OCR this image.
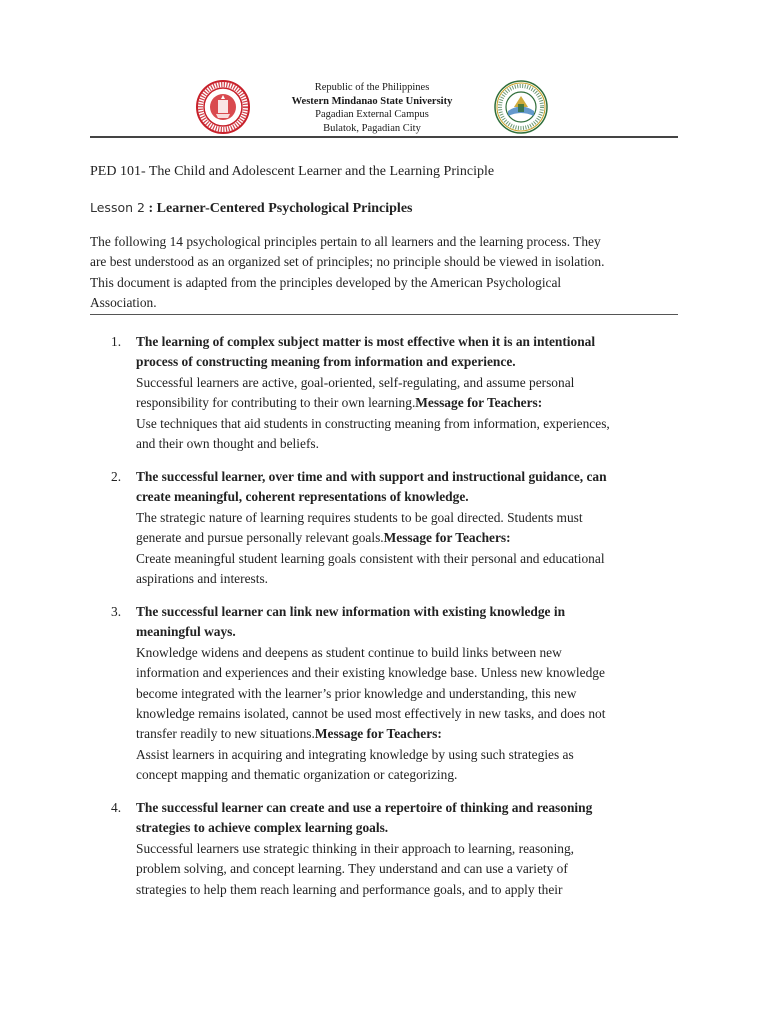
Republic of the Philippines
Western Mindanao State University
Pagadian External Campus
Bulatok, Pagadian City
PED 101- The Child and Adolescent Learner and the Learning Principle
Lesson 2 : Learner-Centered Psychological Principles
The following 14 psychological principles pertain to all learners and the learning process. They
are best understood as an organized set of principles; no principle should be viewed in isolation.
This document is adapted from the principles developed by the American Psychological
Association.
1. The learning of complex subject matter is most effective when it is an intentional
process of constructing meaning from information and experience.
Successful learners are active, goal-oriented, self-regulating, and assume personal
responsibility for contributing to their own learning.Message for Teachers:
Use techniques that aid students in constructing meaning from information, experiences,
and their own thought and beliefs.
2. The successful learner, over time and with support and instructional guidance, can
create meaningful, coherent representations of knowledge.
The strategic nature of learning requires students to be goal directed. Students must
generate and pursue personally relevant goals.Message for Teachers:
Create meaningful student learning goals consistent with their personal and educational
aspirations and interests.
3. The successful learner can link new information with existing knowledge in
meaningful ways.
Knowledge widens and deepens as student continue to build links between new
information and experiences and their existing knowledge base. Unless new knowledge
become integrated with the learner’s prior knowledge and understanding, this new
knowledge remains isolated, cannot be used most effectively in new tasks, and does not
transfer readily to new situations.Message for Teachers:
Assist learners in acquiring and integrating knowledge by using such strategies as
concept mapping and thematic organization or categorizing.
4. The successful learner can create and use a repertoire of thinking and reasoning
strategies to achieve complex learning goals.
Successful learners use strategic thinking in their approach to learning, reasoning,
problem solving, and concept learning. They understand and can use a variety of
strategies to help them reach learning and performance goals, and to apply their
